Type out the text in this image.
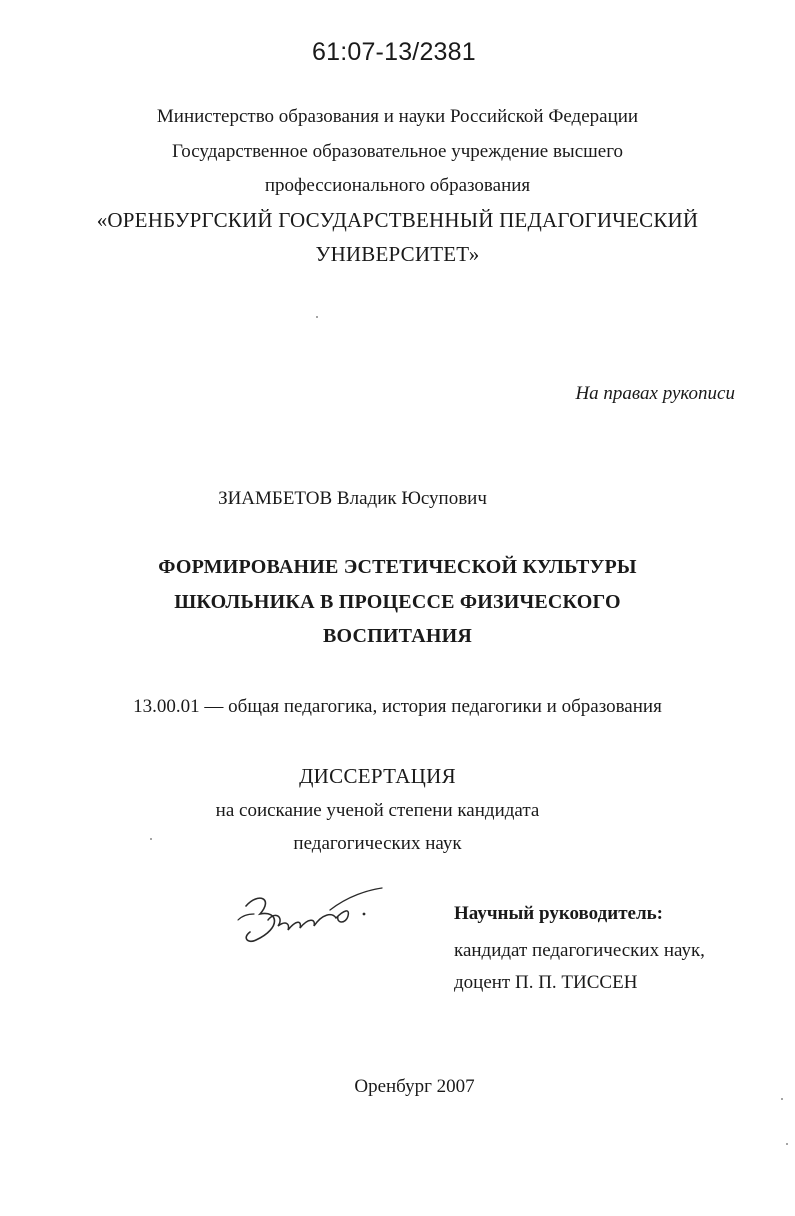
61:07-13/2381
Министерство образования и науки Российской Федерации
Государственное образовательное учреждение высшего
профессионального образования
«ОРЕНБУРГСКИЙ ГОСУДАРСТВЕННЫЙ ПЕДАГОГИЧЕСКИЙ
УНИВЕРСИТЕТ»
На правах рукописи
ЗИАМБЕТОВ Владик Юсупович
ФОРМИРОВАНИЕ ЭСТЕТИЧЕСКОЙ КУЛЬТУРЫ
ШКОЛЬНИКА В ПРОЦЕССЕ ФИЗИЧЕСКОГО
ВОСПИТАНИЯ
13.00.01 — общая педагогика, история педагогики и образования
ДИССЕРТАЦИЯ
на соискание ученой степени кандидата
педагогических наук
Научный руководитель:
кандидат педагогических наук,
доцент П. П. ТИССЕН
Оренбург 2007
